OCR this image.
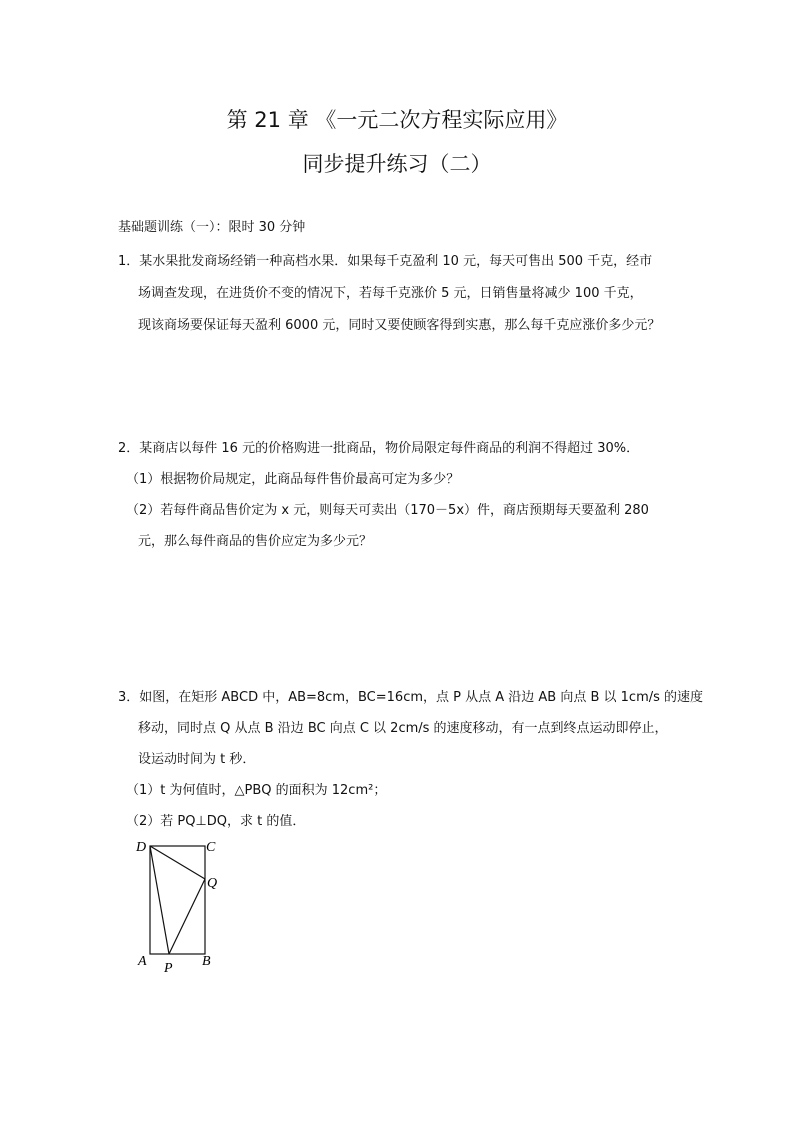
第 21 章 《一元二次方程实际应用》
同步提升练习（二）
基础题训练（一）：限时 30 分钟
1．某水果批发商场经销一种高档水果．如果每千克盈利 10 元，每天可售出 500 千克，经市
场调查发现，在进货价不变的情况下，若每千克涨价 5 元，日销售量将减少 100 千克，
现该商场要保证每天盈利 6000 元，同时又要使顾客得到实惠，那么每千克应涨价多少元？
2．某商店以每件 16 元的价格购进一批商品，物价局限定每件商品的利润不得超过 30%．
（1）根据物价局规定，此商品每件售价最高可定为多少？
（2）若每件商品售价定为 x 元，则每天可卖出（170－5x）件，商店预期每天要盈利 280
元，那么每件商品的售价应定为多少元？
3．如图，在矩形 ABCD 中，AB=8cm，BC=16cm，点 P 从点 A 沿边 AB 向点 B 以 1cm/s 的速度
移动，同时点 Q 从点 B 沿边 BC 向点 C 以 2cm/s 的速度移动，有一点到终点运动即停止，
设运动时间为 t 秒．
（1）t 为何值时，△PBQ 的面积为 12cm²；
（2）若 PQ⊥DQ，求 t 的值．
D	C
Q
A P B
